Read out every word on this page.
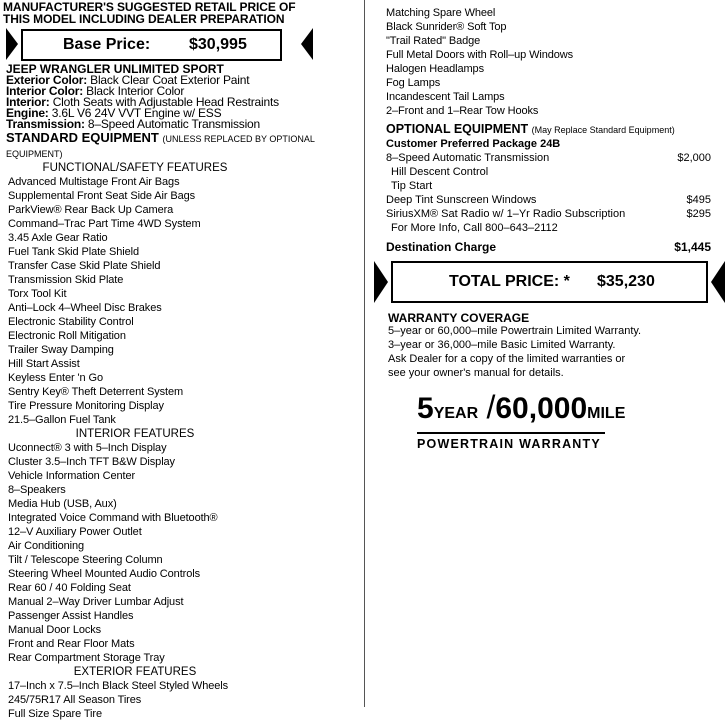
MANUFACTURER'S SUGGESTED RETAIL PRICE OF
THIS MODEL INCLUDING DEALER PREPARATION
Base Price: $30,995
JEEP WRANGLER UNLIMITED SPORT
Exterior Color: Black Clear Coat Exterior Paint
Interior Color: Black Interior Color
Interior: Cloth Seats with Adjustable Head Restraints
Engine: 3.6L V6 24V VVT Engine w/ ESS
Transmission: 8–Speed Automatic Transmission
STANDARD EQUIPMENT (UNLESS REPLACED BY OPTIONAL EQUIPMENT)
FUNCTIONAL/SAFETY FEATURES
Advanced Multistage Front Air Bags
Supplemental Front Seat Side Air Bags
ParkView® Rear Back Up Camera
Command–Trac Part Time 4WD System
3.45 Axle Gear Ratio
Fuel Tank Skid Plate Shield
Transfer Case Skid Plate Shield
Transmission Skid Plate
Torx Tool Kit
Anti–Lock 4–Wheel Disc Brakes
Electronic Stability Control
Electronic Roll Mitigation
Trailer Sway Damping
Hill Start Assist
Keyless Enter 'n Go
Sentry Key® Theft Deterrent System
Tire Pressure Monitoring Display
21.5–Gallon Fuel Tank
INTERIOR FEATURES
Uconnect® 3 with 5–Inch Display
Cluster 3.5–Inch TFT B&W Display
Vehicle Information Center
8–Speakers
Media Hub (USB, Aux)
Integrated Voice Command with Bluetooth®
12–V Auxiliary Power Outlet
Air Conditioning
Tilt / Telescope Steering Column
Steering Wheel Mounted Audio Controls
Rear 60 / 40 Folding Seat
Manual 2–Way Driver Lumbar Adjust
Passenger Assist Handles
Manual Door Locks
Front and Rear Floor Mats
Rear Compartment Storage Tray
EXTERIOR FEATURES
17–Inch x 7.5–Inch Black Steel Styled Wheels
245/75R17 All Season Tires
Full Size Spare Tire
Matching Spare Wheel
Black Sunrider® Soft Top
"Trail Rated" Badge
Full Metal Doors with Roll–up Windows
Halogen Headlamps
Fog Lamps
Incandescent Tail Lamps
2–Front and 1–Rear Tow Hooks
OPTIONAL EQUIPMENT (May Replace Standard Equipment)
Customer Preferred Package 24B
8–Speed Automatic Transmission	$2,000
Hill Descent Control
Tip Start
Deep Tint Sunscreen Windows	$495
SiriusXM® Sat Radio w/ 1–Yr Radio Subscription	$295
For More Info, Call 800–643–2112
Destination Charge	$1,445
TOTAL PRICE: * $35,230
WARRANTY COVERAGE
5–year or 60,000–mile Powertrain Limited Warranty.
3–year or 36,000–mile Basic Limited Warranty.
Ask Dealer for a copy of the limited warranties or
see your owner's manual for details.
5YEAR /60,000MILE
POWERTRAIN WARRANTY
